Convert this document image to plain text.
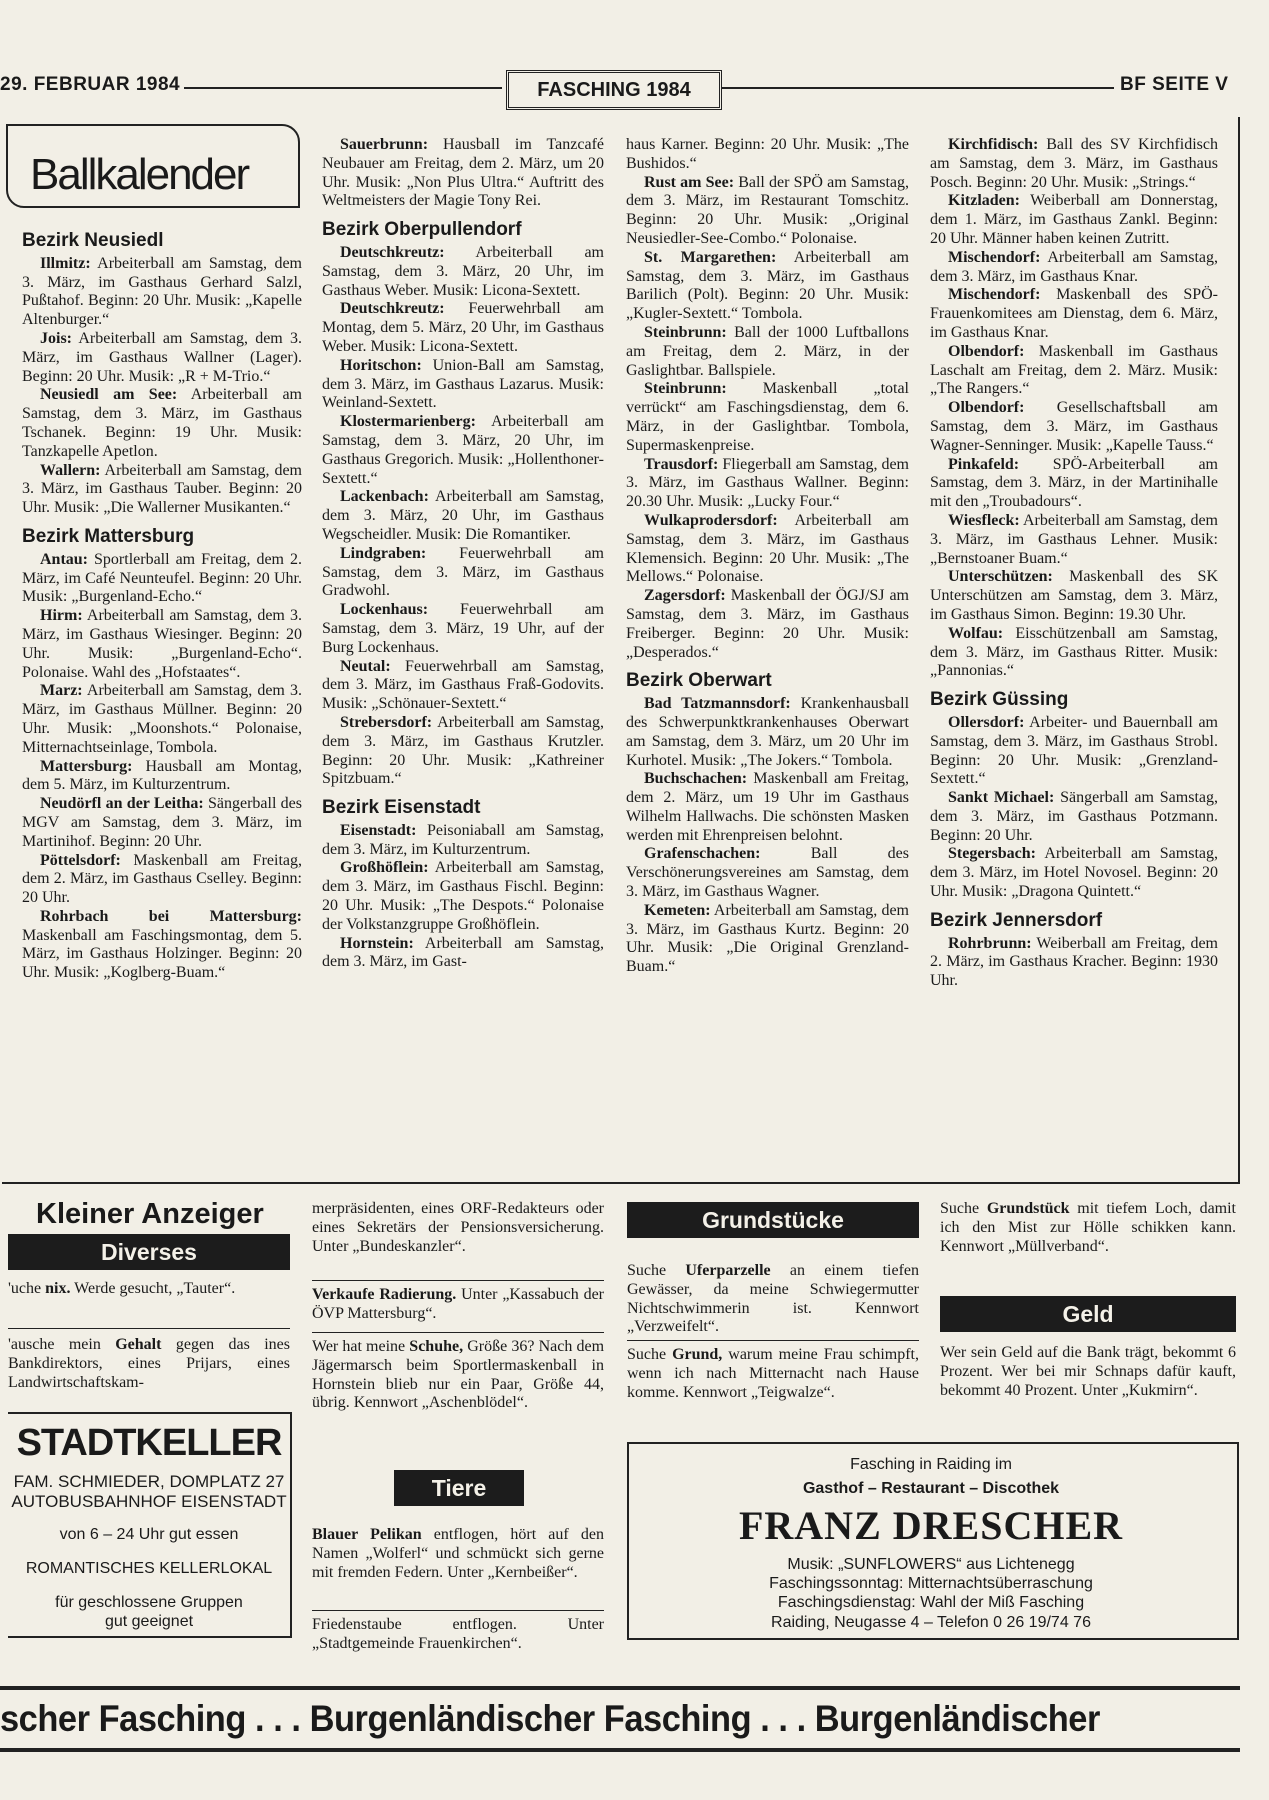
29. FEBRUAR 1984	FASCHING 1984	BF SEITE V
Ballkalender
Bezirk Neusiedl

Illmitz: Arbeiterball am Samstag, dem 3. März, im Gasthaus Gerhard Salzl, Pußtahof. Beginn: 20 Uhr. Musik: „Kapelle Altenburger.“

Jois: Arbeiterball am Samstag, dem 3. März, im Gasthaus Wallner (Lager). Beginn: 20 Uhr. Musik: „R + M-Trio.“

Neusiedl am See: Arbeiterball am Samstag, dem 3. März, im Gasthaus Tschanek. Beginn: 19 Uhr. Musik: Tanzkapelle Apetlon.

Wallern: Arbeiterball am Samstag, dem 3. März, im Gasthaus Tauber. Beginn: 20 Uhr. Musik: „Die Wallerner Musikanten.“

Bezirk Mattersburg

Antau: Sportlerball am Freitag, dem 2. März, im Café Neunteufel. Beginn: 20 Uhr. Musik: „Burgenland-Echo.“

Hirm: Arbeiterball am Samstag, dem 3. März, im Gasthaus Wiesinger. Beginn: 20 Uhr. Musik: „Burgenland-Echo“. Polonaise. Wahl des „Hofstaates“.

Marz: Arbeiterball am Samstag, dem 3. März, im Gasthaus Müllner. Beginn: 20 Uhr. Musik: „Moonshots.“ Polonaise, Mitternachtseinlage, Tombola.

Mattersburg: Hausball am Montag, dem 5. März, im Kulturzentrum.

Neudörfl an der Leitha: Sängerball des MGV am Samstag, dem 3. März, im Martinihof. Beginn: 20 Uhr.

Pöttelsdorf: Maskenball am Freitag, dem 2. März, im Gasthaus Cselley. Beginn: 20 Uhr.

Rohrbach bei Mattersburg: Maskenball am Faschingsmontag, dem 5. März, im Gasthaus Holzinger. Beginn: 20 Uhr. Musik: „Koglberg-Buam.“

Sauerbrunn: Hausball im Tanzcafé Neubauer am Freitag, dem 2. März, um 20 Uhr. Musik: „Non Plus Ultra.“ Auftritt des Weltmeisters der Magie Tony Rei.

Bezirk Oberpullendorf

Deutschkreutz: Arbeiterball am Samstag, dem 3. März, 20 Uhr, im Gasthaus Weber. Musik: Licona-Sextett.

Deutschkreutz: Feuerwehrball am Montag, dem 5. März, 20 Uhr, im Gasthaus Weber. Musik: Licona-Sextett.

Horitschon: Union-Ball am Samstag, dem 3. März, im Gasthaus Lazarus. Musik: Weinland-Sextett.

Klostermarienberg: Arbeiterball am Samstag, dem 3. März, 20 Uhr, im Gasthaus Gregorich. Musik: „Hollenthoner-Sextett.“

Lackenbach: Arbeiterball am Samstag, dem 3. März, 20 Uhr, im Gasthaus Wegscheidler. Musik: Die Romantiker.

Lindgraben: Feuerwehrball am Samstag, dem 3. März, im Gasthaus Gradwohl.

Lockenhaus: Feuerwehrball am Samstag, dem 3. März, 19 Uhr, auf der Burg Lockenhaus.

Neutal: Feuerwehrball am Samstag, dem 3. März, im Gasthaus Fraß-Godovits. Musik: „Schönauer-Sextett.“

Strebersdorf: Arbeiterball am Samstag, dem 3. März, im Gasthaus Krutzler. Beginn: 20 Uhr. Musik: „Kathreiner Spitzbuam.“

Bezirk Eisenstadt

Eisenstadt: Peisoniaball am Samstag, dem 3. März, im Kulturzentrum.

Großhöflein: Arbeiterball am Samstag, dem 3. März, im Gasthaus Fischl. Beginn: 20 Uhr. Musik: „The Despots.“ Polonaise der Volkstanzgruppe Großhöflein.

Hornstein: Arbeiterball am Samstag, dem 3. März, im Gast-

haus Karner. Beginn: 20 Uhr. Musik: „The Bushidos.“

Rust am See: Ball der SPÖ am Samstag, dem 3. März, im Restaurant Tomschitz. Beginn: 20 Uhr. Musik: „Original Neusiedler-See-Combo.“ Polonaise.

St. Margarethen: Arbeiterball am Samstag, dem 3. März, im Gasthaus Barilich (Polt). Beginn: 20 Uhr. Musik: „Kugler-Sextett.“ Tombola.

Steinbrunn: Ball der 1000 Luftballons am Freitag, dem 2. März, in der Gaslightbar. Ballspiele.

Steinbrunn: Maskenball „total verrückt“ am Faschingsdienstag, dem 6. März, in der Gaslightbar. Tombola, Supermaskenpreise.

Trausdorf: Fliegerball am Samstag, dem 3. März, im Gasthaus Wallner. Beginn: 20.30 Uhr. Musik: „Lucky Four.“

Wulkaprodersdorf: Arbeiterball am Samstag, dem 3. März, im Gasthaus Klemensich. Beginn: 20 Uhr. Musik: „The Mellows.“ Polonaise.

Zagersdorf: Maskenball der ÖGJ/SJ am Samstag, dem 3. März, im Gasthaus Freiberger. Beginn: 20 Uhr. Musik: „Desperados.“

Bezirk Oberwart

Bad Tatzmannsdorf: Krankenhausball des Schwerpunktkrankenhauses Oberwart am Samstag, dem 3. März, um 20 Uhr im Kurhotel. Musik: „The Jokers.“ Tombola.

Buchschachen: Maskenball am Freitag, dem 2. März, um 19 Uhr im Gasthaus Wilhelm Hallwachs. Die schönsten Masken werden mit Ehrenpreisen belohnt.

Grafenschachen: Ball des Verschönerungsvereines am Samstag, dem 3. März, im Gasthaus Wagner.

Kemeten: Arbeiterball am Samstag, dem 3. März, im Gasthaus Kurtz. Beginn: 20 Uhr. Musik: „Die Original Grenzland-Buam.“

Kirchfidisch: Ball des SV Kirchfidisch am Samstag, dem 3. März, im Gasthaus Posch. Beginn: 20 Uhr. Musik: „Strings.“

Kitzladen: Weiberball am Donnerstag, dem 1. März, im Gasthaus Zankl. Beginn: 20 Uhr. Männer haben keinen Zutritt.

Mischendorf: Arbeiterball am Samstag, dem 3. März, im Gasthaus Knar.

Mischendorf: Maskenball des SPÖ-Frauenkomitees am Dienstag, dem 6. März, im Gasthaus Knar.

Olbendorf: Maskenball im Gasthaus Laschalt am Freitag, dem 2. März. Musik: „The Rangers.“

Olbendorf: Gesellschaftsball am Samstag, dem 3. März, im Gasthaus Wagner-Senninger. Musik: „Kapelle Tauss.“

Pinkafeld: SPÖ-Arbeiterball am Samstag, dem 3. März, in der Martinihalle mit den „Troubadours“.

Wiesfleck: Arbeiterball am Samstag, dem 3. März, im Gasthaus Lehner. Musik: „Bernstoaner Buam.“

Unterschützen: Maskenball des SK Unterschützen am Samstag, dem 3. März, im Gasthaus Simon. Beginn: 19.30 Uhr.

Wolfau: Eisschützenball am Samstag, dem 3. März, im Gasthaus Ritter. Musik: „Pannonias.“

Bezirk Güssing

Ollersdorf: Arbeiter- und Bauernball am Samstag, dem 3. März, im Gasthaus Strobl. Beginn: 20 Uhr. Musik: „Grenzland-Sextett.“

Sankt Michael: Sängerball am Samstag, dem 3. März, im Gasthaus Potzmann. Beginn: 20 Uhr.

Stegersbach: Arbeiterball am Samstag, dem 3. März, im Hotel Novosel. Beginn: 20 Uhr. Musik: „Dragona Quintett.“

Bezirk Jennersdorf

Rohrbrunn: Weiberball am Freitag, dem 2. März, im Gasthaus Kracher. Beginn: 1930 Uhr.

Kleiner Anzeiger
Diverses
'uche nix. Werde gesucht, „Tauter“.
'ausche mein Gehalt gegen das ines Bankdirektors, eines Prijars, eines Landwirtschaftskam-
STADTKELLER
FAM. SCHMIEDER, DOMPLATZ 27
AUTOBUSBAHNHOF EISENSTADT
von 6 – 24 Uhr gut essen
ROMANTISCHES KELLERLOKAL
für geschlossene Gruppen
gut geeignet
merpräsidenten, eines ORF-Redakteurs oder eines Sekretärs der Pensionsversicherung. Unter „Bundeskanzler“.
Verkaufe Radierung. Unter „Kassabuch der ÖVP Mattersburg“.
Wer hat meine Schuhe, Größe 36? Nach dem Jägermarsch beim Sportlermaskenball in Hornstein blieb nur ein Paar, Größe 44, übrig. Kennwort „Aschenblödel“.
Tiere
Blauer Pelikan entflogen, hört auf den Namen „Wolferl“ und schmückt sich gerne mit fremden Federn. Unter „Kernbeißer“.
Friedenstaube entflogen. Unter „Stadtgemeinde Frauenkirchen“.
Grundstücke
Suche Uferparzelle an einem tiefen Gewässer, da meine Schwiegermutter Nichtschwimmerin ist. Kennwort „Verzweifelt“.
Suche Grund, warum meine Frau schimpft, wenn ich nach Mitternacht nach Hause komme. Kennwort „Teigwalze“.
Suche Grundstück mit tiefem Loch, damit ich den Mist zur Hölle schikken kann. Kennwort „Müllverband“.
Geld
Wer sein Geld auf die Bank trägt, bekommt 6 Prozent. Wer bei mir Schnaps dafür kauft, bekommt 40 Prozent. Unter „Kukmirn“.
Fasching in Raiding im
Gasthof – Restaurant – Discothek
FRANZ DRESCHER
Musik: „SUNFLOWERS“ aus Lichtenegg
Faschingssonntag: Mitternachtsüberraschung
Faschingsdienstag: Wahl der Miß Fasching
Raiding, Neugasse 4 – Telefon 0 26 19/74 76
scher Fasching . . . Burgenländischer Fasching . . . Burgenländischer
